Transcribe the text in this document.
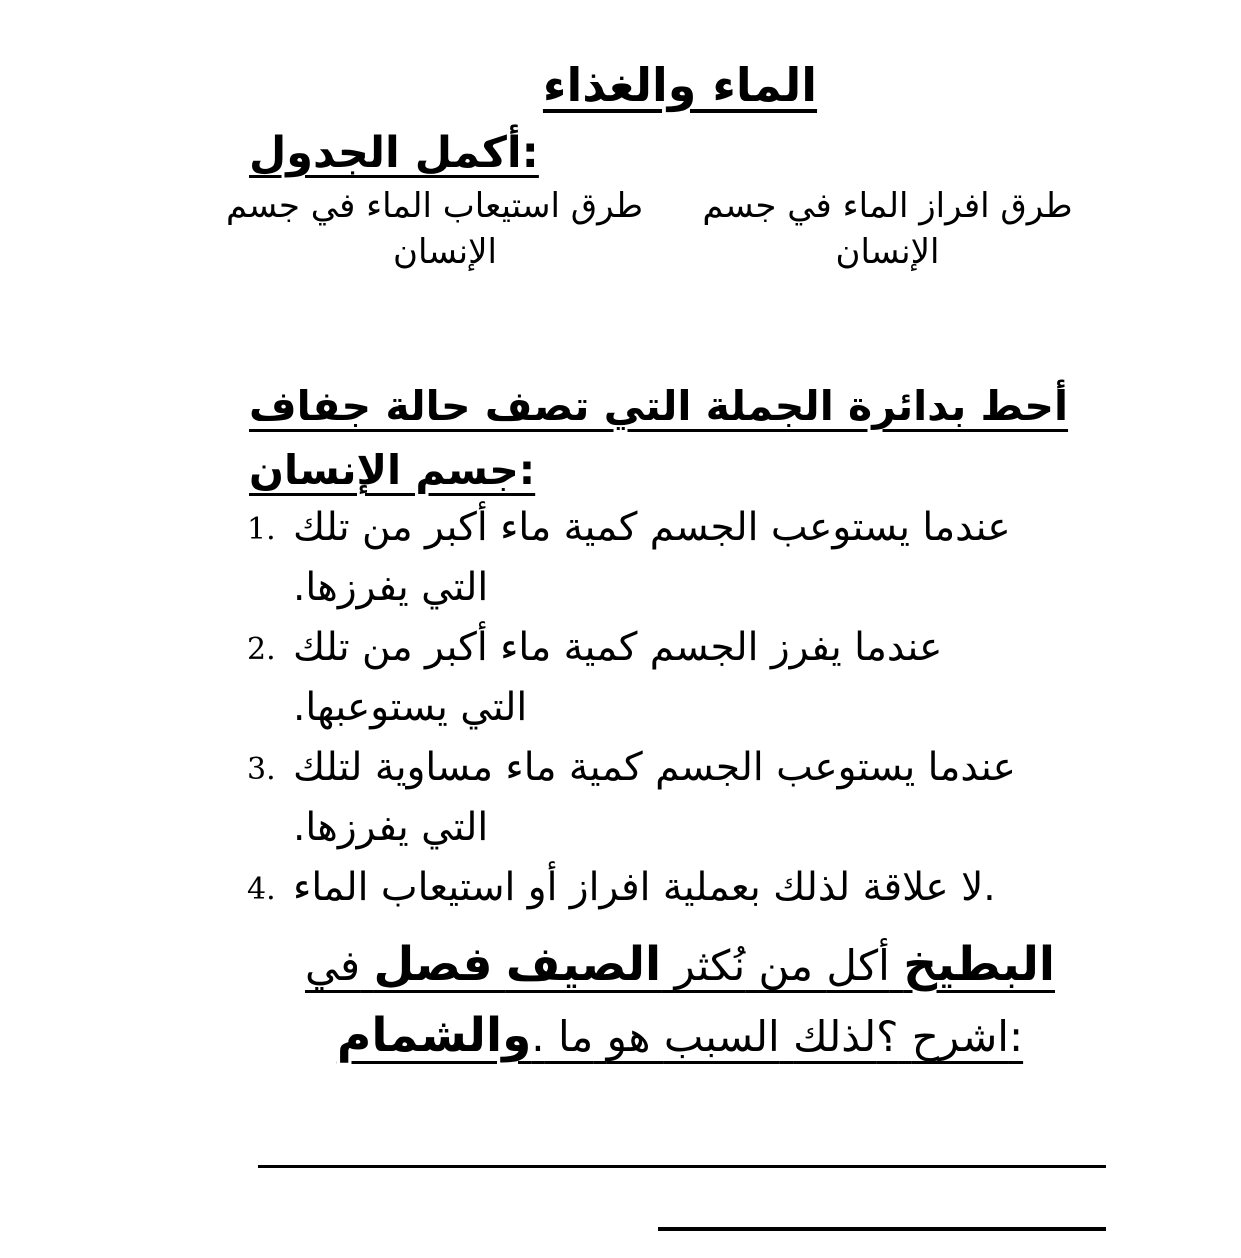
الماء والغذاء
:أكمل الجدول
طرق افراز الماء في جسم
الإنسان
طرق استيعاب الماء في جسم
الإنسان
أحط بدائرة الجملة التي تصف حالة جفاف
:جسم الإنسان
1. عندما يستوعب الجسم كمية ماء أكبر من تلك
التي يفرزها.
2. عندما يفرز الجسم كمية ماء أكبر من تلك
التي يستوعبها.
3. عندما يستوعب الجسم كمية ماء مساوية لتلك
التي يفرزها.
4. .لا علاقة لذلك بعملية افراز أو استيعاب الماء
في فصل الصيف نُكثر من أكل البطيخ
والشمام. ما هو السبب لذلك؟ اشرح:
